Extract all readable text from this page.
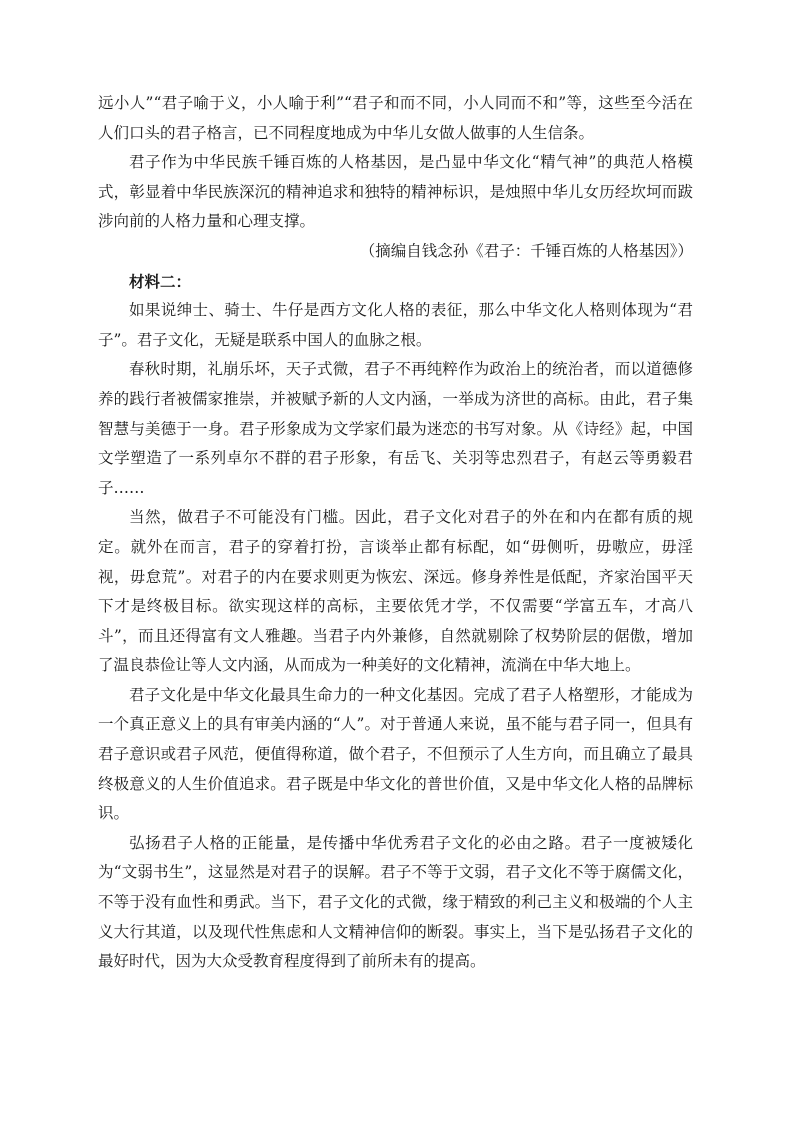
远小人”“君子喻于义，小人喻于利”“君子和而不同，小人同而不和”等，这些至今活在人们口头的君子格言，已不同程度地成为中华儿女做人做事的人生信条。

君子作为中华民族千锤百炼的人格基因，是凸显中华文化“精气神”的典范人格模式，彰显着中华民族深沉的精神追求和独特的精神标识，是烛照中华儿女历经坎坷而跋涉向前的人格力量和心理支撑。

（摘编自钱念孙《君子：千锤百炼的人格基因》）

材料二：

如果说绅士、骑士、牛仔是西方文化人格的表征，那么中华文化人格则体现为“君子”。君子文化，无疑是联系中国人的血脉之根。

春秋时期，礼崩乐坏，天子式微，君子不再纯粹作为政治上的统治者，而以道德修养的践行者被儒家推崇，并被赋予新的人文内涵，一举成为济世的高标。由此，君子集智慧与美德于一身。君子形象成为文学家们最为迷恋的书写对象。从《诗经》起，中国文学塑造了一系列卓尔不群的君子形象，有岳飞、关羽等忠烈君子，有赵云等勇毅君子……

当然，做君子不可能没有门槛。因此，君子文化对君子的外在和内在都有质的规定。就外在而言，君子的穿着打扮，言谈举止都有标配，如“毋侧听，毋嗷应，毋淫视，毋怠荒”。对君子的内在要求则更为恢宏、深远。修身养性是低配，齐家治国平天下才是终极目标。欲实现这样的高标，主要依凭才学，不仅需要“学富五车，才高八斗”，而且还得富有文人雅趣。当君子内外兼修，自然就剔除了权势阶层的倨傲，增加了温良恭俭让等人文内涵，从而成为一种美好的文化精神，流淌在中华大地上。

君子文化是中华文化最具生命力的一种文化基因。完成了君子人格塑形，才能成为一个真正意义上的具有审美内涵的“人”。对于普通人来说，虽不能与君子同一，但具有君子意识或君子风范，便值得称道，做个君子，不但预示了人生方向，而且确立了最具终极意义的人生价值追求。君子既是中华文化的普世价值，又是中华文化人格的品牌标识。

弘扬君子人格的正能量，是传播中华优秀君子文化的必由之路。君子一度被矮化为“文弱书生”，这显然是对君子的误解。君子不等于文弱，君子文化不等于腐儒文化，不等于没有血性和勇武。当下，君子文化的式微，缘于精致的利己主义和极端的个人主义大行其道，以及现代性焦虑和人文精神信仰的断裂。事实上，当下是弘扬君子文化的最好时代，因为大众受教育程度得到了前所未有的提高。
